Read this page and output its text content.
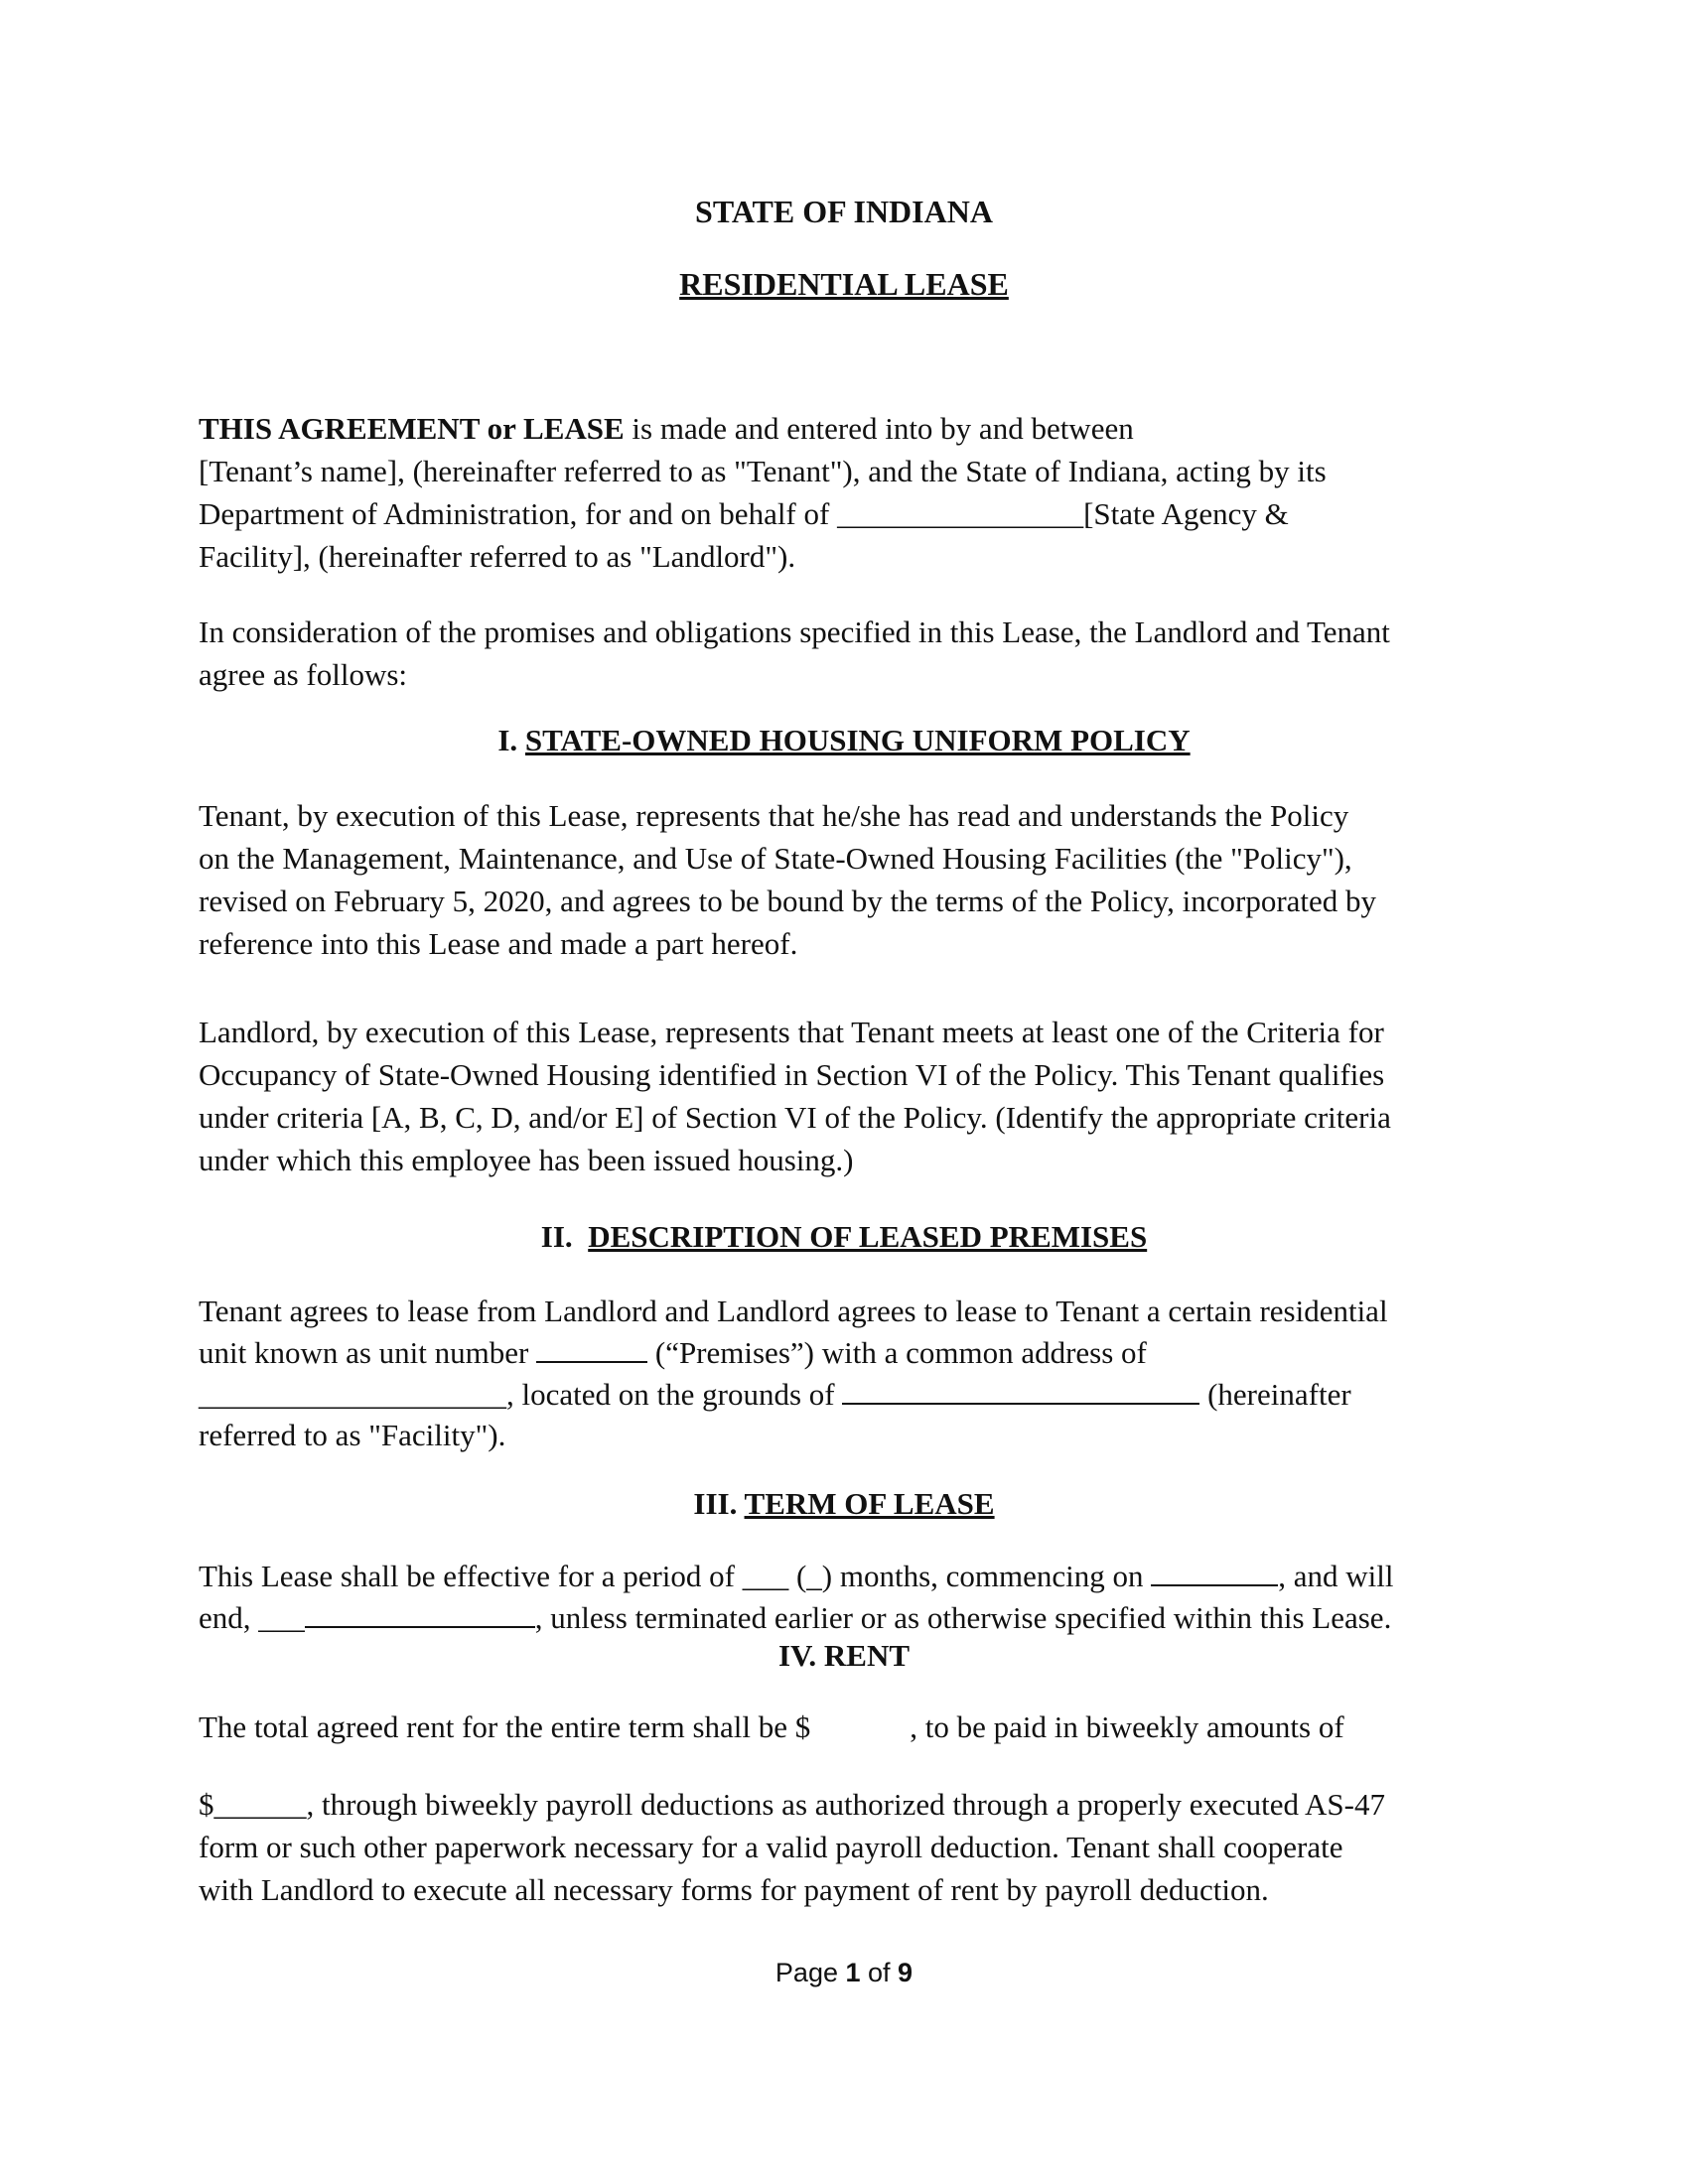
STATE OF INDIANA
RESIDENTIAL LEASE
THIS AGREEMENT or LEASE is made and entered into by and between
[Tenant’s name], (hereinafter referred to as "Tenant"), and the State of Indiana, acting by its
Department of Administration, for and on behalf of ________________[State Agency &
Facility], (hereinafter referred to as "Landlord").
In consideration of the promises and obligations specified in this Lease, the Landlord and Tenant
agree as follows:
I. STATE-OWNED HOUSING UNIFORM POLICY
Tenant, by execution of this Lease, represents that he/she has read and understands the Policy
on the Management, Maintenance, and Use of State-Owned Housing Facilities (the "Policy"),
revised on February 5, 2020, and agrees to be bound by the terms of the Policy, incorporated by
reference into this Lease and made a part hereof.
Landlord, by execution of this Lease, represents that Tenant meets at least one of the Criteria for
Occupancy of State-Owned Housing identified in Section VI of the Policy. This Tenant qualifies
under criteria [A, B, C, D, and/or E] of Section VI of the Policy. (Identify the appropriate criteria
under which this employee has been issued housing.)
II.  DESCRIPTION OF LEASED PREMISES
Tenant agrees to lease from Landlord and Landlord agrees to lease to Tenant a certain residential
unit known as unit number	(“Premises”) with a common address of
____________________, located on the grounds of	(hereinafter
referred to as "Facility").
III. TERM OF LEASE
This Lease shall be effective for a period of ___ (_) months, commencing on	, and will
end, ___	, unless terminated earlier or as otherwise specified within this Lease.
IV. RENT
The total agreed rent for the entire term shall be $	, to be paid in biweekly amounts of
$______, through biweekly payroll deductions as authorized through a properly executed AS-47
form or such other paperwork necessary for a valid payroll deduction. Tenant shall cooperate
with Landlord to execute all necessary forms for payment of rent by payroll deduction.
Page 1 of 9
